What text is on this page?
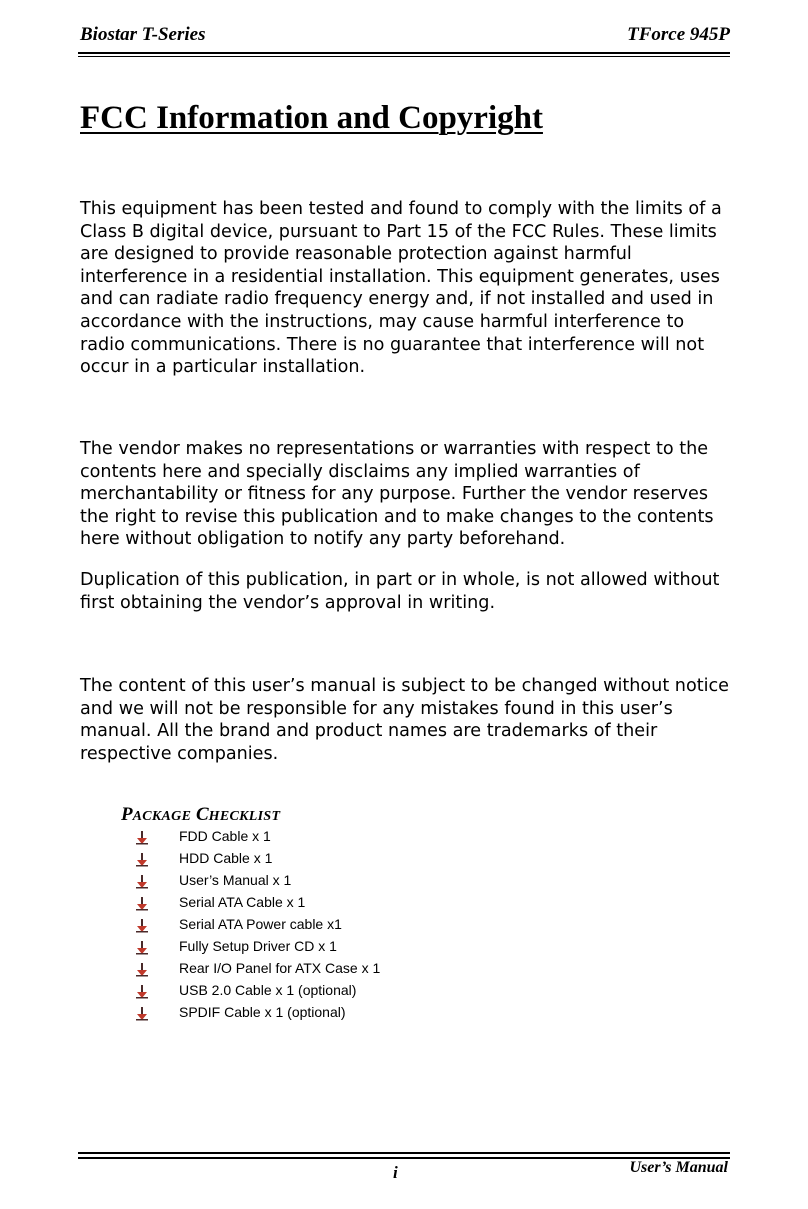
Biostar T-Series	TForce 945P
FCC Information and Copyright

This equipment has been tested and found to comply with the limits of a Class B digital device, pursuant to Part 15 of the FCC Rules. These limits are designed to provide reasonable protection against harmful interference in a residential installation. This equipment generates, uses and can radiate radio frequency energy and, if not installed and used in accordance with the instructions, may cause harmful interference to radio communications. There is no guarantee that interference will not occur in a particular installation.

The vendor makes no representations or warranties with respect to the contents here and specially disclaims any implied warranties of merchantability or fitness for any purpose. Further the vendor reserves the right to revise this publication and to make changes to the contents here without obligation to notify any party beforehand.

Duplication of this publication, in part or in whole, is not allowed without first obtaining the vendor’s approval in writing.

The content of this user’s manual is subject to be changed without notice and we will not be responsible for any mistakes found in this user’s manual. All the brand and product names are trademarks of their respective companies.

PACKAGE CHECKLIST
FDD Cable x 1
HDD Cable x 1
User’s Manual x 1
Serial ATA Cable x 1
Serial ATA Power cable x1
Fully Setup Driver CD x 1
Rear I/O Panel for ATX Case x 1
USB 2.0 Cable x 1 (optional)
SPDIF Cable x 1 (optional)
i	User’s Manual
